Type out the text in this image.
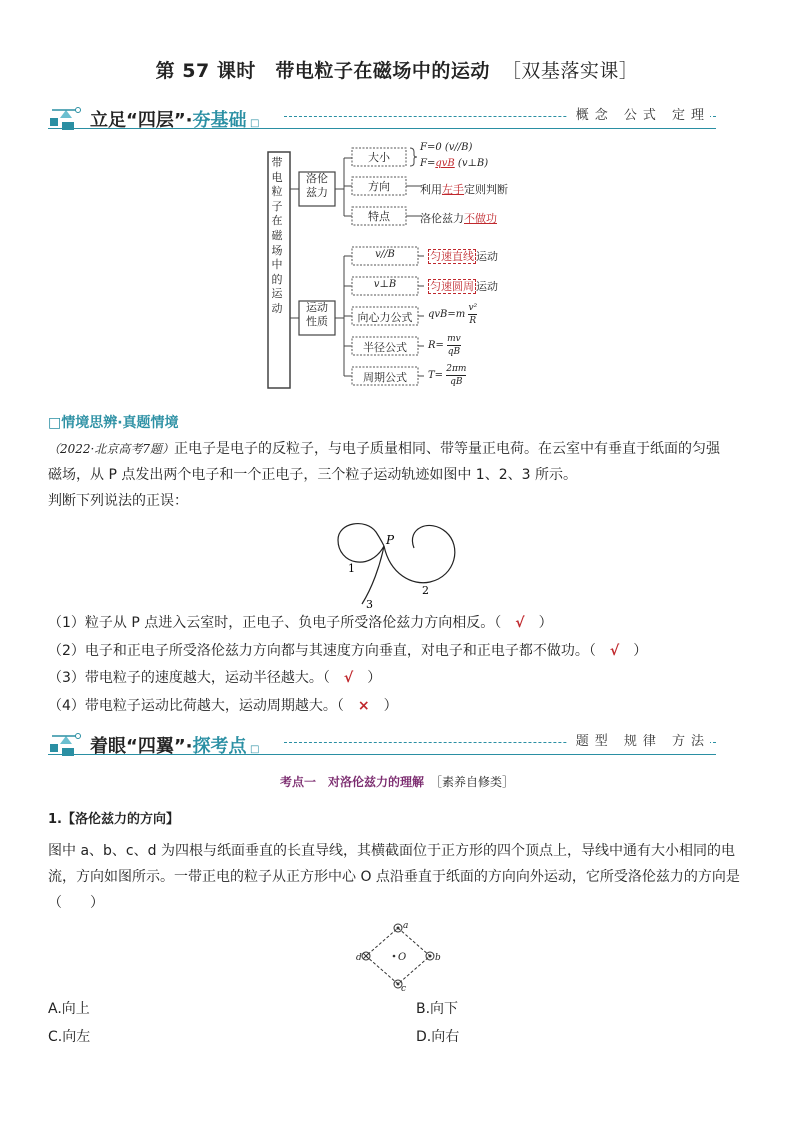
第 57 课时　带电粒子在磁场中的运动 ［双基落实课］
立足“四层”·夯基础 □
概念 公式 定理
带
电
粒
子
在
磁
场
中
的
运
动
洛伦
兹力
运动
性质
大小
方向
特点
F=0 (v//B)
F=qvB (v⊥B)
利用左手定则判断
洛伦兹力不做功
v//B
v⊥B
向心力公式
半径公式
周期公式
匀速直线 运动
匀速圆周 运动
$qvB=m \frac{\text{v²}}{R}$
$R= \frac{mv}{qB}$
$T= \frac{2\pi m}{qB}$
□情境思辨·真题情境
（2022·北京高考7题）正电子是电子的反粒子，与电子质量相同、带等量正电荷。在云室中有垂直于纸面的匀强
磁场，从 P 点发出两个电子和一个正电子，三个粒子运动轨迹如图中 1、2、3 所示。
判断下列说法的正误：
P
1
2
3
（1）粒子从 P 点进入云室时，正电子、负电子所受洛伦兹力方向相反。（　 √　 ）
（2）电子和正电子所受洛伦兹力方向都与其速度方向垂直，对电子和正电子都不做功。（　 √　 ）
（3）带电粒子的速度越大，运动半径越大。（　 √　 ）
（4）带电粒子运动比荷越大，运动周期越大。（　 ×　 ）
着眼“四翼”·探考点 □
题型 规律 方法
考点一　对洛伦兹力的理解　 ［素养自修类］
1.【洛伦兹力的方向】
图中 a、b、c、d 为四根与纸面垂直的长直导线，其横截面位于正方形的四个顶点上，导线中通有大小相同的电
流，方向如图所示。一带正电的粒子从正方形中心 O 点沿垂直于纸面的方向向外运动，它所受洛伦兹力的方向是
（　　）
a
b
c
d	O
A.向上	B.向下
C.向左	D.向右
